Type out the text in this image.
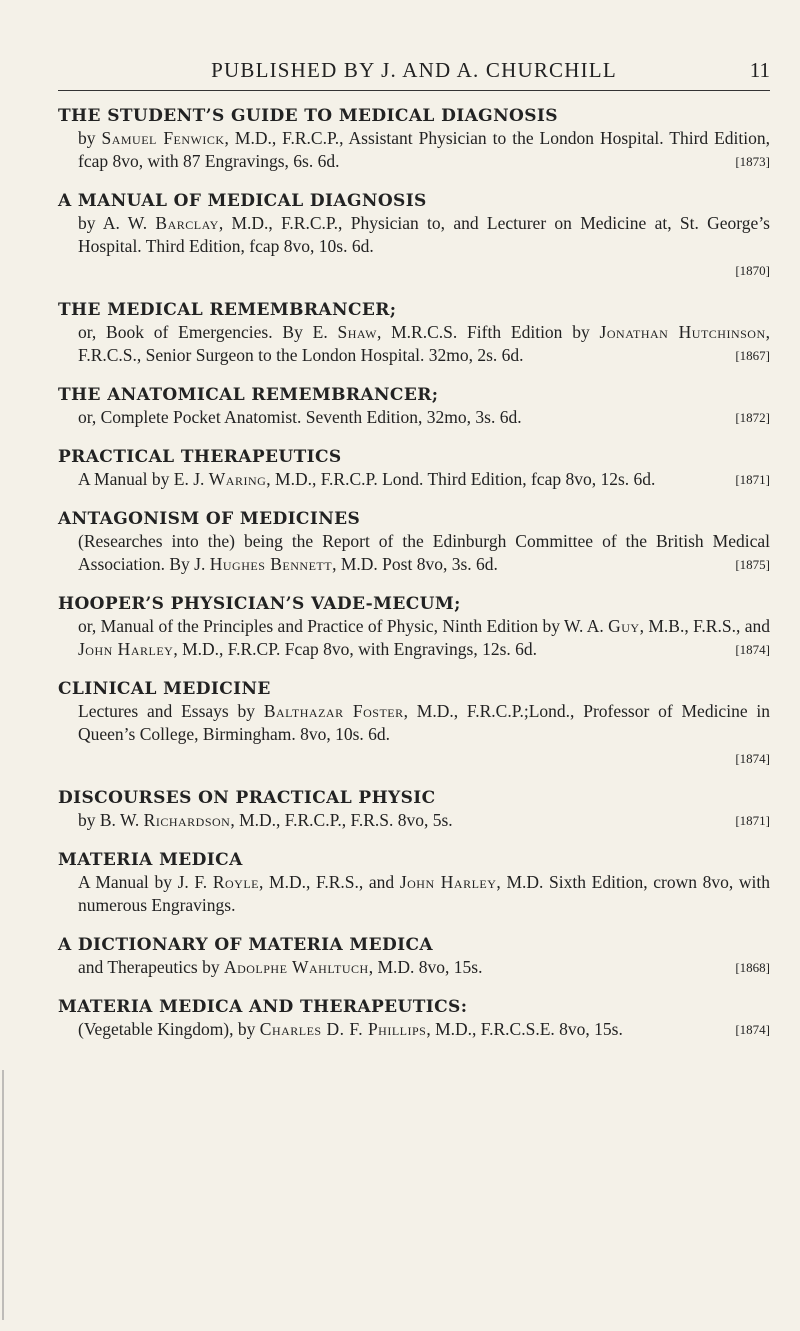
PUBLISHED BY J. AND A. CHURCHILL	11
THE STUDENT’S GUIDE TO MEDICAL DIAGNOSIS
by Samuel Fenwick, M.D., F.R.C.P., Assistant Physician to the London Hospital. Third Edition, fcap 8vo, with 87 Engravings, 6s. 6d.	[1873]
A MANUAL OF MEDICAL DIAGNOSIS
by A. W. Barclay, M.D., F.R.C.P., Physician to, and Lecturer on Medicine at, St. George’s Hospital. Third Edition, fcap 8vo, 10s. 6d.
[1870]
THE MEDICAL REMEMBRANCER;
or, Book of Emergencies. By E. Shaw, M.R.C.S. Fifth Edition by Jonathan Hutchinson, F.R.C.S., Senior Surgeon to the London Hospital. 32mo, 2s. 6d.	[1867]
THE ANATOMICAL REMEMBRANCER;
or, Complete Pocket Anatomist. Seventh Edition, 32mo, 3s. 6d.	[1872]
PRACTICAL THERAPEUTICS
A Manual by E. J. Waring, M.D., F.R.C.P. Lond. Third Edition, fcap 8vo, 12s. 6d.	[1871]
ANTAGONISM OF MEDICINES
(Researches into the) being the Report of the Edinburgh Committee of the British Medical Association. By J. Hughes Bennett, M.D. Post 8vo, 3s. 6d.	[1875]
HOOPER’S PHYSICIAN’S VADE-MECUM;
or, Manual of the Principles and Practice of Physic, Ninth Edition by W. A. Guy, M.B., F.R.S., and John Harley, M.D., F.R.CP. Fcap 8vo, with Engravings, 12s. 6d.	[1874]
CLINICAL MEDICINE
Lectures and Essays by Balthazar Foster, M.D., F.R.C.P.;Lond., Professor of Medicine in Queen’s College, Birmingham. 8vo, 10s. 6d.
[1874]
DISCOURSES ON PRACTICAL PHYSIC
by B. W. Richardson, M.D., F.R.C.P., F.R.S. 8vo, 5s.	[1871]
MATERIA MEDICA
A Manual by J. F. Royle, M.D., F.R.S., and John Harley, M.D. Sixth Edition, crown 8vo, with numerous Engravings.
A DICTIONARY OF MATERIA MEDICA
and Therapeutics by Adolphe Wahltuch, M.D. 8vo, 15s.	[1868]
MATERIA MEDICA AND THERAPEUTICS:
(Vegetable Kingdom), by Charles D. F. Phillips, M.D., F.R.C.S.E. 8vo, 15s.	[1874]
